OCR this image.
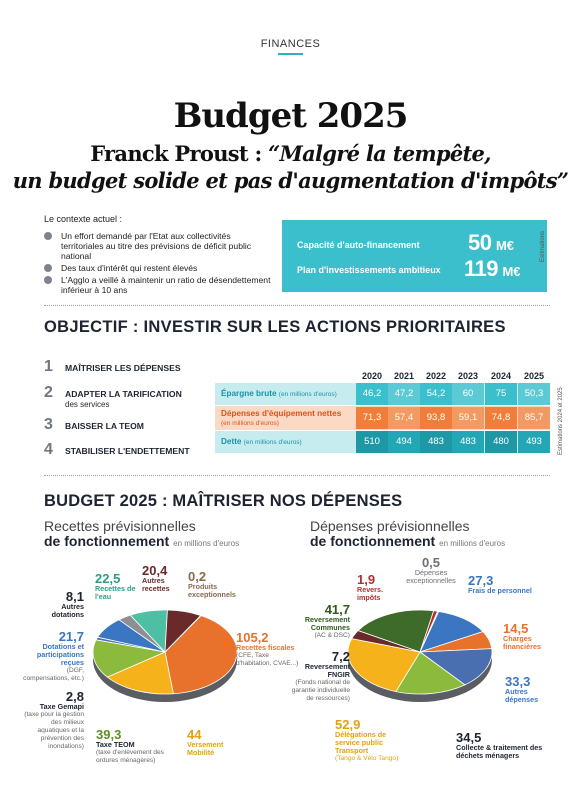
FINANCES
Budget 2025
Franck Proust : “Malgré la tempête,
un budget solide et pas d'augmentation d'impôts”
Le contexte actuel :
Un effort demandé par l'Etat aux collectivités territoriales au titre des prévisions de déficit public national
Des taux d'intérêt qui restent élevés
L'Agglo a veillé à maintenir un ratio de désendettement inférieur à 10 ans
Capacité d'auto-financement 50 M€
Plan d'investissements ambitieux 119 M€
Estimations
OBJECTIF : INVESTIR SUR LES ACTIONS PRIORITAIRES
1 MAÎTRISER LES DÉPENSES
2 ADAPTER LA TARIFICATION
des services
3 BAISSER LA TEOM
4 STABILISER L'ENDETTEMENT
2020	2021	2022	2023	2024	2025
Épargne brute (en millions d'euros)	46,2	47,2	54,2	60	75	50,3
Dépenses d'équipement nettes
(en millions d'euros)
71,3	57,4	93,8	59,1	74,8	85,7
Dette (en millions d'euros)	510	494	483	483	480	493	Estimations 2024 et 2025
BUDGET 2025 : MAÎTRISER NOS DÉPENSES
Recettes prévisionnelles
de fonctionnement en millions d'euros
Dépenses prévisionnelles
de fonctionnement en millions d'euros
105,2
Recettes fiscales
(CFE, Taxe d'habitation, CVAE...)
44
Versement Mobilité
39,3
Taxe TEOM
(taxe d'enlèvement des ordures ménagères)
2,8
Taxe Gemapi
(taxe pour la gestion des milieux aquatiques et la prévention des inondations)
21,7
Dotations et participations reçues
(DGF, compensations, etc.)
8,1
Autres dotations
22,5
Recettes de l'eau
20,4
Autres recettes
0,2
Produits exceptionnels
27,3
Frais de personnel
14,5
Charges financières
33,3
Autres dépenses
34,5
Collecte & traitement des déchets ménagers
52,9
Délégations de service public Transport
(Tango & Vélo Tango)
7,2
Reversement FNGIR
(Fonds national de garantie individuelle de ressources)
41,7
Reversement Communes
(AC & DSC)
1,9
Revers. impôts
0,5
Dépenses exceptionnelles
